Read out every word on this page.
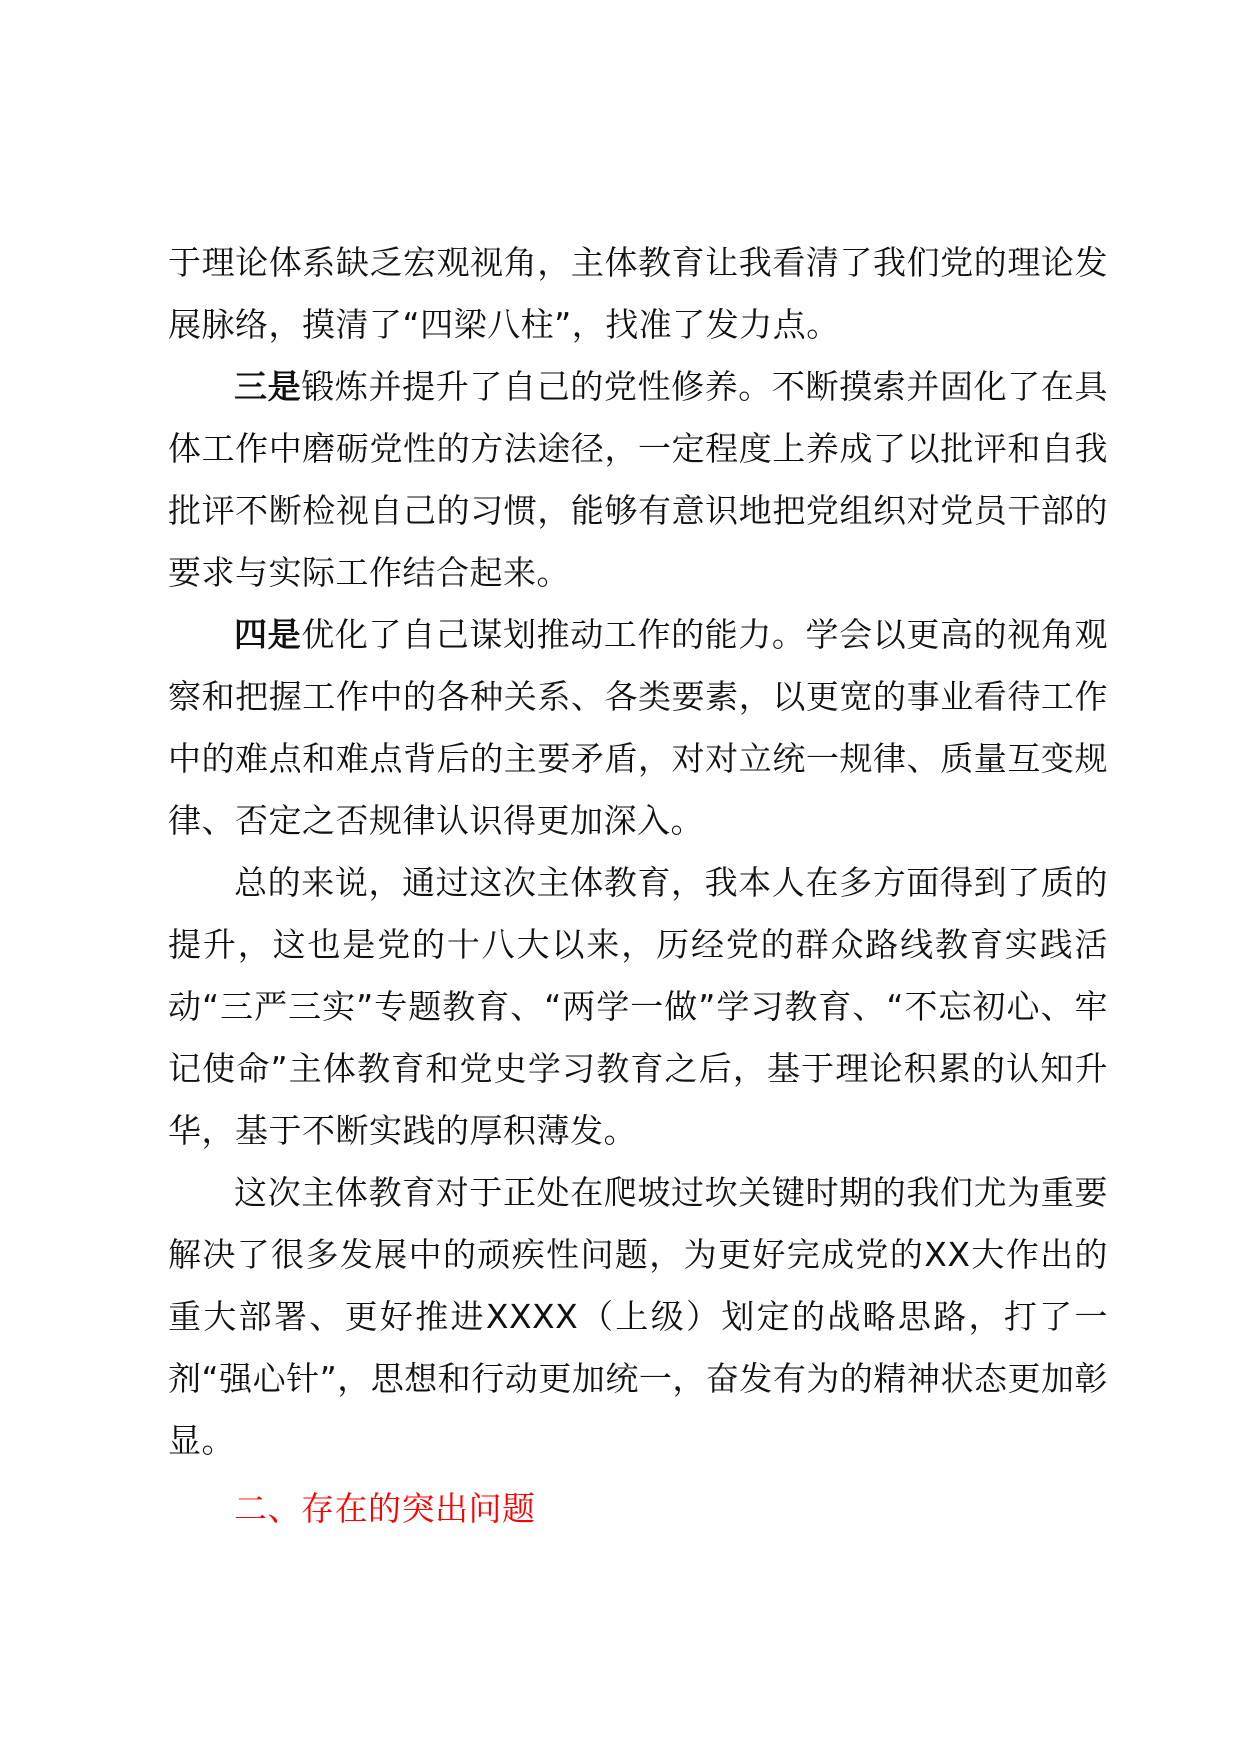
于理论体系缺乏宏观视角，主体教育让我看清了我们党的理论发展脉络，摸清了“四梁八柱”，找准了发力点。

三是锻炼并提升了自己的党性修养。不断摸索并固化了在具体工作中磨砺党性的方法途径，一定程度上养成了以批评和自我批评不断检视自己的习惯，能够有意识地把党组织对党员干部的要求与实际工作结合起来。

四是优化了自己谋划推动工作的能力。学会以更高的视角观察和把握工作中的各种关系、各类要素，以更宽的事业看待工作中的难点和难点背后的主要矛盾，对对立统一规律、质量互变规律、否定之否规律认识得更加深入。

总的来说，通过这次主体教育，我本人在多方面得到了质的提升，这也是党的十八大以来，历经党的群众路线教育实践活动“三严三实”专题教育、“两学一做”学习教育、“不忘初心、牢记使命”主体教育和党史学习教育之后，基于理论积累的认知升华，基于不断实践的厚积薄发。

这次主体教育对于正处在爬坡过坎关键时期的我们尤为重要解决了很多发展中的顽疾性问题，为更好完成党的XX大作出的重大部署、更好推进XXXX（上级）划定的战略思路，打了一剂“强心针”，思想和行动更加统一，奋发有为的精神状态更加彰显。

二、存在的突出问题
